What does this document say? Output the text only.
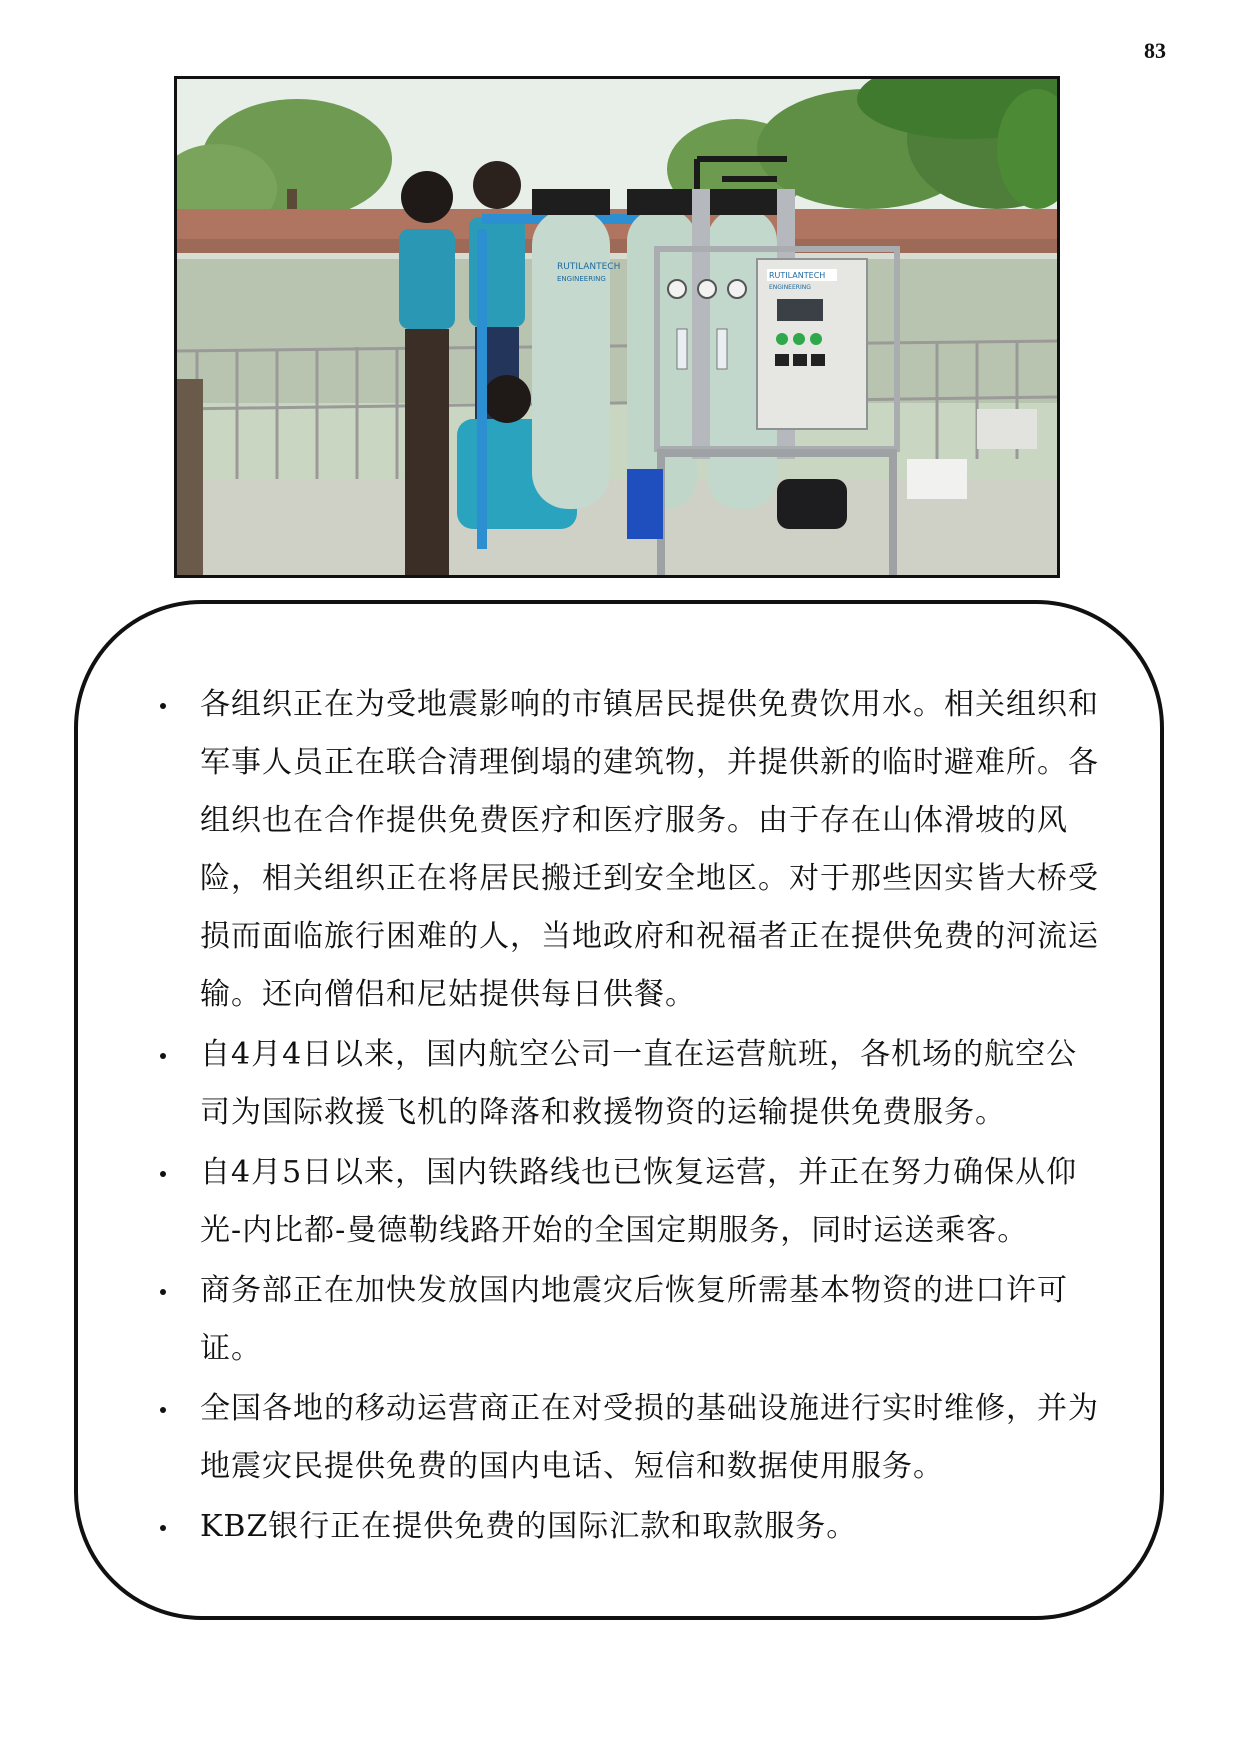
83
RUTILANTECH
ENGINEERING	RUTILANTECH
ENGINEERING
各组织正在为受地震影响的市镇居民提供免费饮用水。相关组织和军事人员正在联合清理倒塌的建筑物，并提供新的临时避难所。各组织也在合作提供免费医疗和医疗服务。由于存在山体滑坡的风险，相关组织正在将居民搬迁到安全地区。对于那些因实皆大桥受损而面临旅行困难的人，当地政府和祝福者正在提供免费的河流运输。还向僧侣和尼姑提供每日供餐。
自4月4日以来，国内航空公司一直在运营航班，各机场的航空公司为国际救援飞机的降落和救援物资的运输提供免费服务。
自4月5日以来，国内铁路线也已恢复运营，并正在努力确保从仰光-内比都-曼德勒线路开始的全国定期服务，同时运送乘客。
商务部正在加快发放国内地震灾后恢复所需基本物资的进口许可证。
全国各地的移动运营商正在对受损的基础设施进行实时维修，并为地震灾民提供免费的国内电话、短信和数据使用服务。
KBZ银行正在提供免费的国际汇款和取款服务。
